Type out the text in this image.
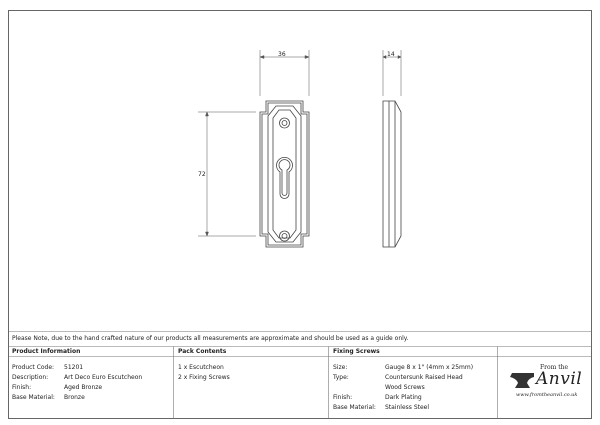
36	14
72
Please Note, due to the hand crafted nature of our products all measurements are approximate and should be used as a guide only.
Product Information
Product Code: 51201
Description:	Art Deco Euro Escutcheon
Finish:	Aged Bronze
Base Material: Bronze
Pack Contents
1 x Escutcheon
2 x Fixing Screws
Fixing Screws
Size:	Gauge 8 x 1" (4mm x 25mm)
Type:	Countersunk Raised Head
Wood Screws
Finish:	Dark Plating
Base Material: Stainless Steel
From the
Anvil
www.fromtheanvil.co.uk
